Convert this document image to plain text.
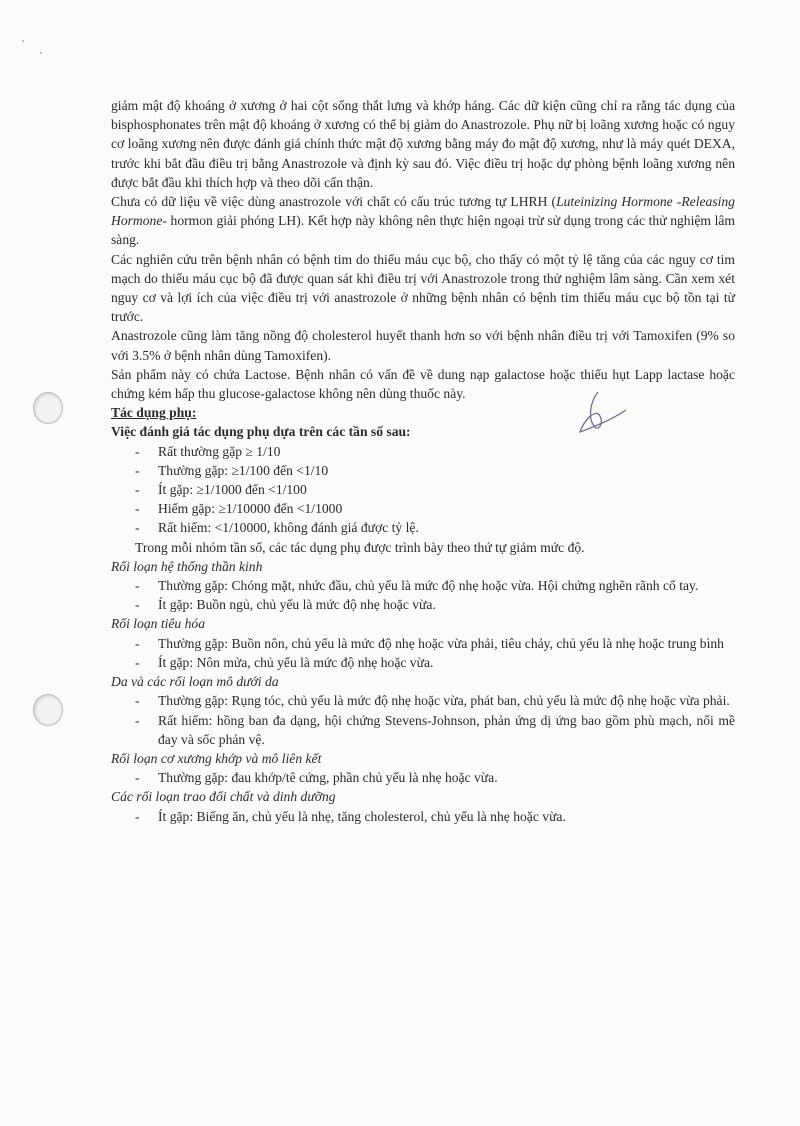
giảm mật độ khoáng ở xương ở hai cột sống thắt lưng và khớp háng. Các dữ kiện cũng chỉ ra rằng tác dụng của bisphosphonates trên mật độ khoáng ở xương có thể bị giảm do Anastrozole. Phụ nữ bị loãng xương hoặc có nguy cơ loãng xương nên được đánh giá chính thức mật độ xương bằng máy đo mật độ xương, như là máy quét DEXA, trước khi bắt đầu điều trị bằng Anastrozole và định kỳ sau đó. Việc điều trị hoặc dự phòng bệnh loãng xương nên được bắt đầu khi thích hợp và theo dõi cẩn thận.

Chưa có dữ liệu về việc dùng anastrozole với chất có cấu trúc tương tự LHRH (Luteinizing Hormone -Releasing Hormone- hormon giải phóng LH). Kết hợp này không nên thực hiện ngoại trừ sử dụng trong các thử nghiệm lâm sàng.

Các nghiên cứu trên bệnh nhân có bệnh tim do thiếu máu cục bộ, cho thấy có một tỷ lệ tăng của các nguy cơ tim mạch do thiếu máu cục bộ đã được quan sát khi điều trị với Anastrozole trong thử nghiệm lâm sàng. Cần xem xét nguy cơ và lợi ích của việc điều trị với anastrozole ở những bệnh nhân có bệnh tim thiếu máu cục bộ tồn tại từ trước.

Anastrozole cũng làm tăng nồng độ cholesterol huyết thanh hơn so với bệnh nhân điều trị với Tamoxifen (9% so với 3.5% ở bệnh nhân dùng Tamoxifen).

Sản phẩm này có chứa Lactose. Bệnh nhân có vấn đề về dung nạp galactose hoặc thiếu hụt Lapp lactase hoặc chứng kém hấp thu glucose-galactose không nên dùng thuốc này.

Tác dụng phụ:

Việc đánh giá tác dụng phụ dựa trên các tần số sau:

- Rất thường gặp ≥ 1/10

- Thường gặp: ≥1/100 đến <1/10

- Ít gặp: ≥1/1000 đến <1/100

- Hiếm gặp: ≥1/10000 đến <1/1000

- Rất hiếm: <1/10000, không đánh giá được tỷ lệ.

Trong mỗi nhóm tần số, các tác dụng phụ được trình bày theo thứ tự giảm mức độ.

Rối loạn hệ thống thần kinh

- Thường gặp: Chóng mặt, nhức đầu, chủ yếu là mức độ nhẹ hoặc vừa. Hội chứng nghẽn rãnh cổ tay.

- Ít gặp: Buồn ngủ, chủ yếu là mức độ nhẹ hoặc vừa.

Rối loạn tiêu hóa

- Thường gặp: Buồn nôn, chủ yếu là mức độ nhẹ hoặc vừa phải, tiêu chảy, chủ yếu là nhẹ hoặc trung bình

- Ít gặp: Nôn mửa, chủ yếu là mức độ nhẹ hoặc vừa.

Da và các rối loạn mô dưới da

- Thường gặp: Rụng tóc, chủ yếu là mức độ nhẹ hoặc vừa, phát ban, chủ yếu là mức độ nhẹ hoặc vừa phải.

- Rất hiếm: hồng ban đa dạng, hội chứng Stevens-Johnson, phản ứng dị ứng bao gồm phù mạch, nổi mề đay và sốc phản vệ.

Rối loạn cơ xương khớp và mô liên kết

- Thường gặp: đau khớp/tê cứng, phần chủ yếu là nhẹ hoặc vừa.

Các rối loạn trao đổi chất và dinh dưỡng

- Ít gặp: Biếng ăn, chủ yếu là nhẹ, tăng cholesterol, chủ yếu là nhẹ hoặc vừa.
